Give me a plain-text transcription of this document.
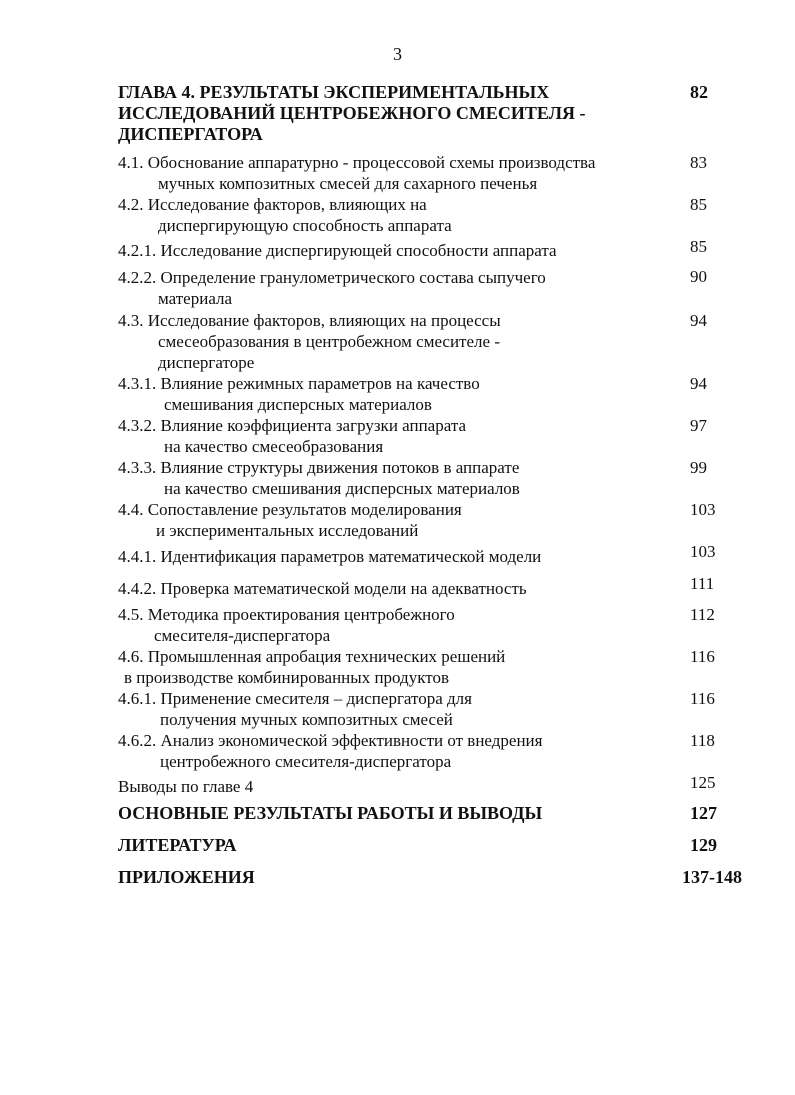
3
ГЛАВА 4. РЕЗУЛЬТАТЫ ЭКСПЕРИМЕНТАЛЬНЫХ
ИССЛЕДОВАНИЙ ЦЕНТРОБЕЖНОГО СМЕСИТЕЛЯ -
ДИСПЕРГАТОРА
82
4.1. Обоснование аппаратурно - процессовой схемы производства
мучных композитных смесей для сахарного печенья
83
4.2. Исследование факторов, влияющих на
диспергирующую способность аппарата
85
4.2.1. Исследование диспергирующей способности аппарата	85
4.2.2. Определение гранулометрического состава сыпучего
материала
90
4.3. Исследование факторов, влияющих на процессы
смесеобразования в центробежном смесителе -
диспергаторе
94
4.3.1. Влияние режимных параметров на качество
смешивания дисперсных материалов
94
4.3.2. Влияние коэффициента загрузки аппарата
на качество смесеобразования
97
4.3.3. Влияние структуры движения потоков в аппарате
на качество смешивания дисперсных материалов
99
4.4. Сопоставление результатов моделирования
и экспериментальных исследований
103
4.4.1. Идентификация параметров математической модели	103
4.4.2. Проверка математической модели на адекватность	111
4.5. Методика проектирования центробежного
смесителя-диспергатора
112
4.6. Промышленная апробация технических решений
в производстве комбинированных продуктов
116
4.6.1. Применение смесителя – диспергатора для
получения мучных композитных смесей
116
4.6.2. Анализ экономической эффективности от внедрения
центробежного смесителя-диспергатора
118
Выводы по главе 4	125
ОСНОВНЫЕ РЕЗУЛЬТАТЫ РАБОТЫ И ВЫВОДЫ	127
ЛИТЕРАТУРА	129
ПРИЛОЖЕНИЯ	137-148
